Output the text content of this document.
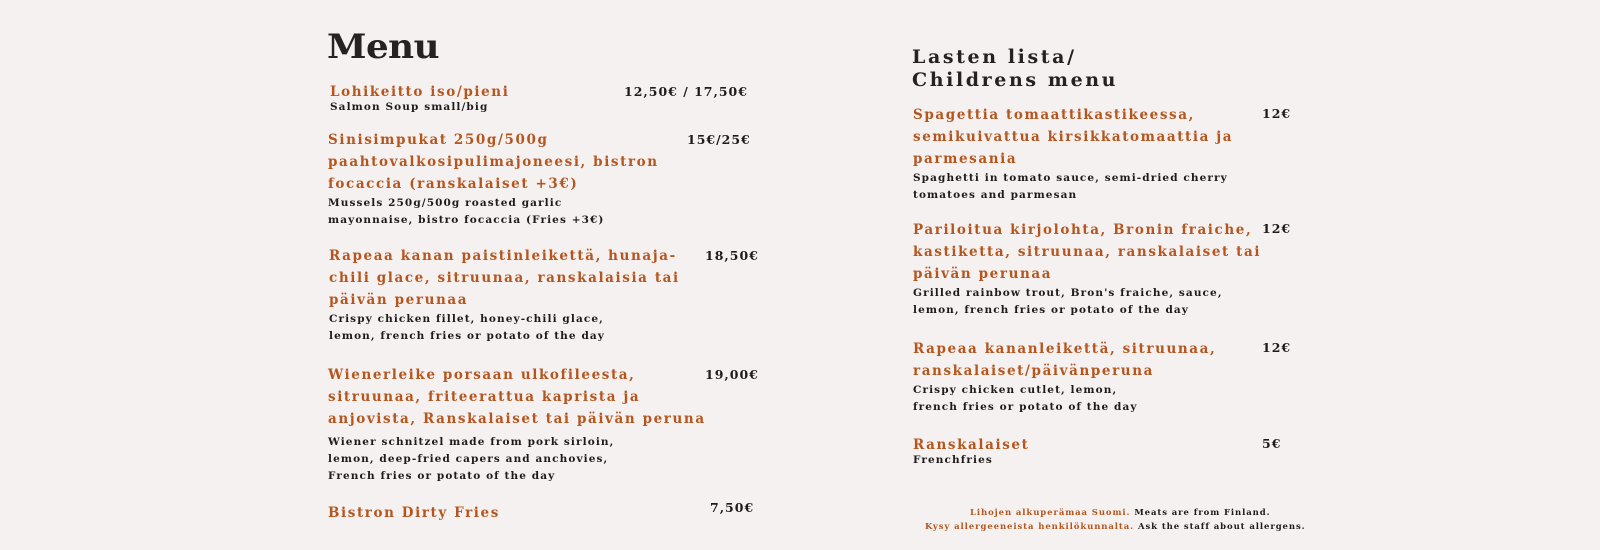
Menu
Lohikeitto iso/pieni
Salmon Soup small/big
12,50€ / 17,50€
Sinisimpukat 250g/500g
paahtovalkosipulimajoneesi, bistron
focaccia (ranskalaiset +3€)
Mussels 250g/500g roasted garlic
mayonnaise, bistro focaccia (Fries +3€)
15€/25€
Rapeaa kanan paistinleikettä, hunaja-
chili glace, sitruunaa, ranskalaisia tai
päivän perunaa
Crispy chicken fillet, honey-chili glace,
lemon, french fries or potato of the day
18,50€
Wienerleike porsaan ulkofileesta,
sitruunaa, friteerattua kaprista ja
anjovista, Ranskalaiset tai päivän peruna
Wiener schnitzel made from pork sirloin,
lemon, deep-fried capers and anchovies,
French fries or potato of the day
19,00€
Bistron Dirty Fries	7,50€
Lasten lista/
Childrens menu
Spagettia tomaattikastikeessa,
semikuivattua kirsikkatomaattia ja
parmesania
Spaghetti in tomato sauce, semi-dried cherry
tomatoes and parmesan
12€
Pariloitua kirjolohta, Bronin fraiche,
kastiketta, sitruunaa, ranskalaiset tai
päivän perunaa
Grilled rainbow trout, Bron's fraiche, sauce,
lemon, french fries or potato of the day
12€
Rapeaa kananleikettä, sitruunaa,
ranskalaiset/päivänperuna
Crispy chicken cutlet, lemon,
french fries or potato of the day
12€
Ranskalaiset
Frenchfries
5€
Lihojen alkuperämaa Suomi. Meats are from Finland.
Kysy allergeeneista henkilökunnalta. Ask the staff about allergens.
